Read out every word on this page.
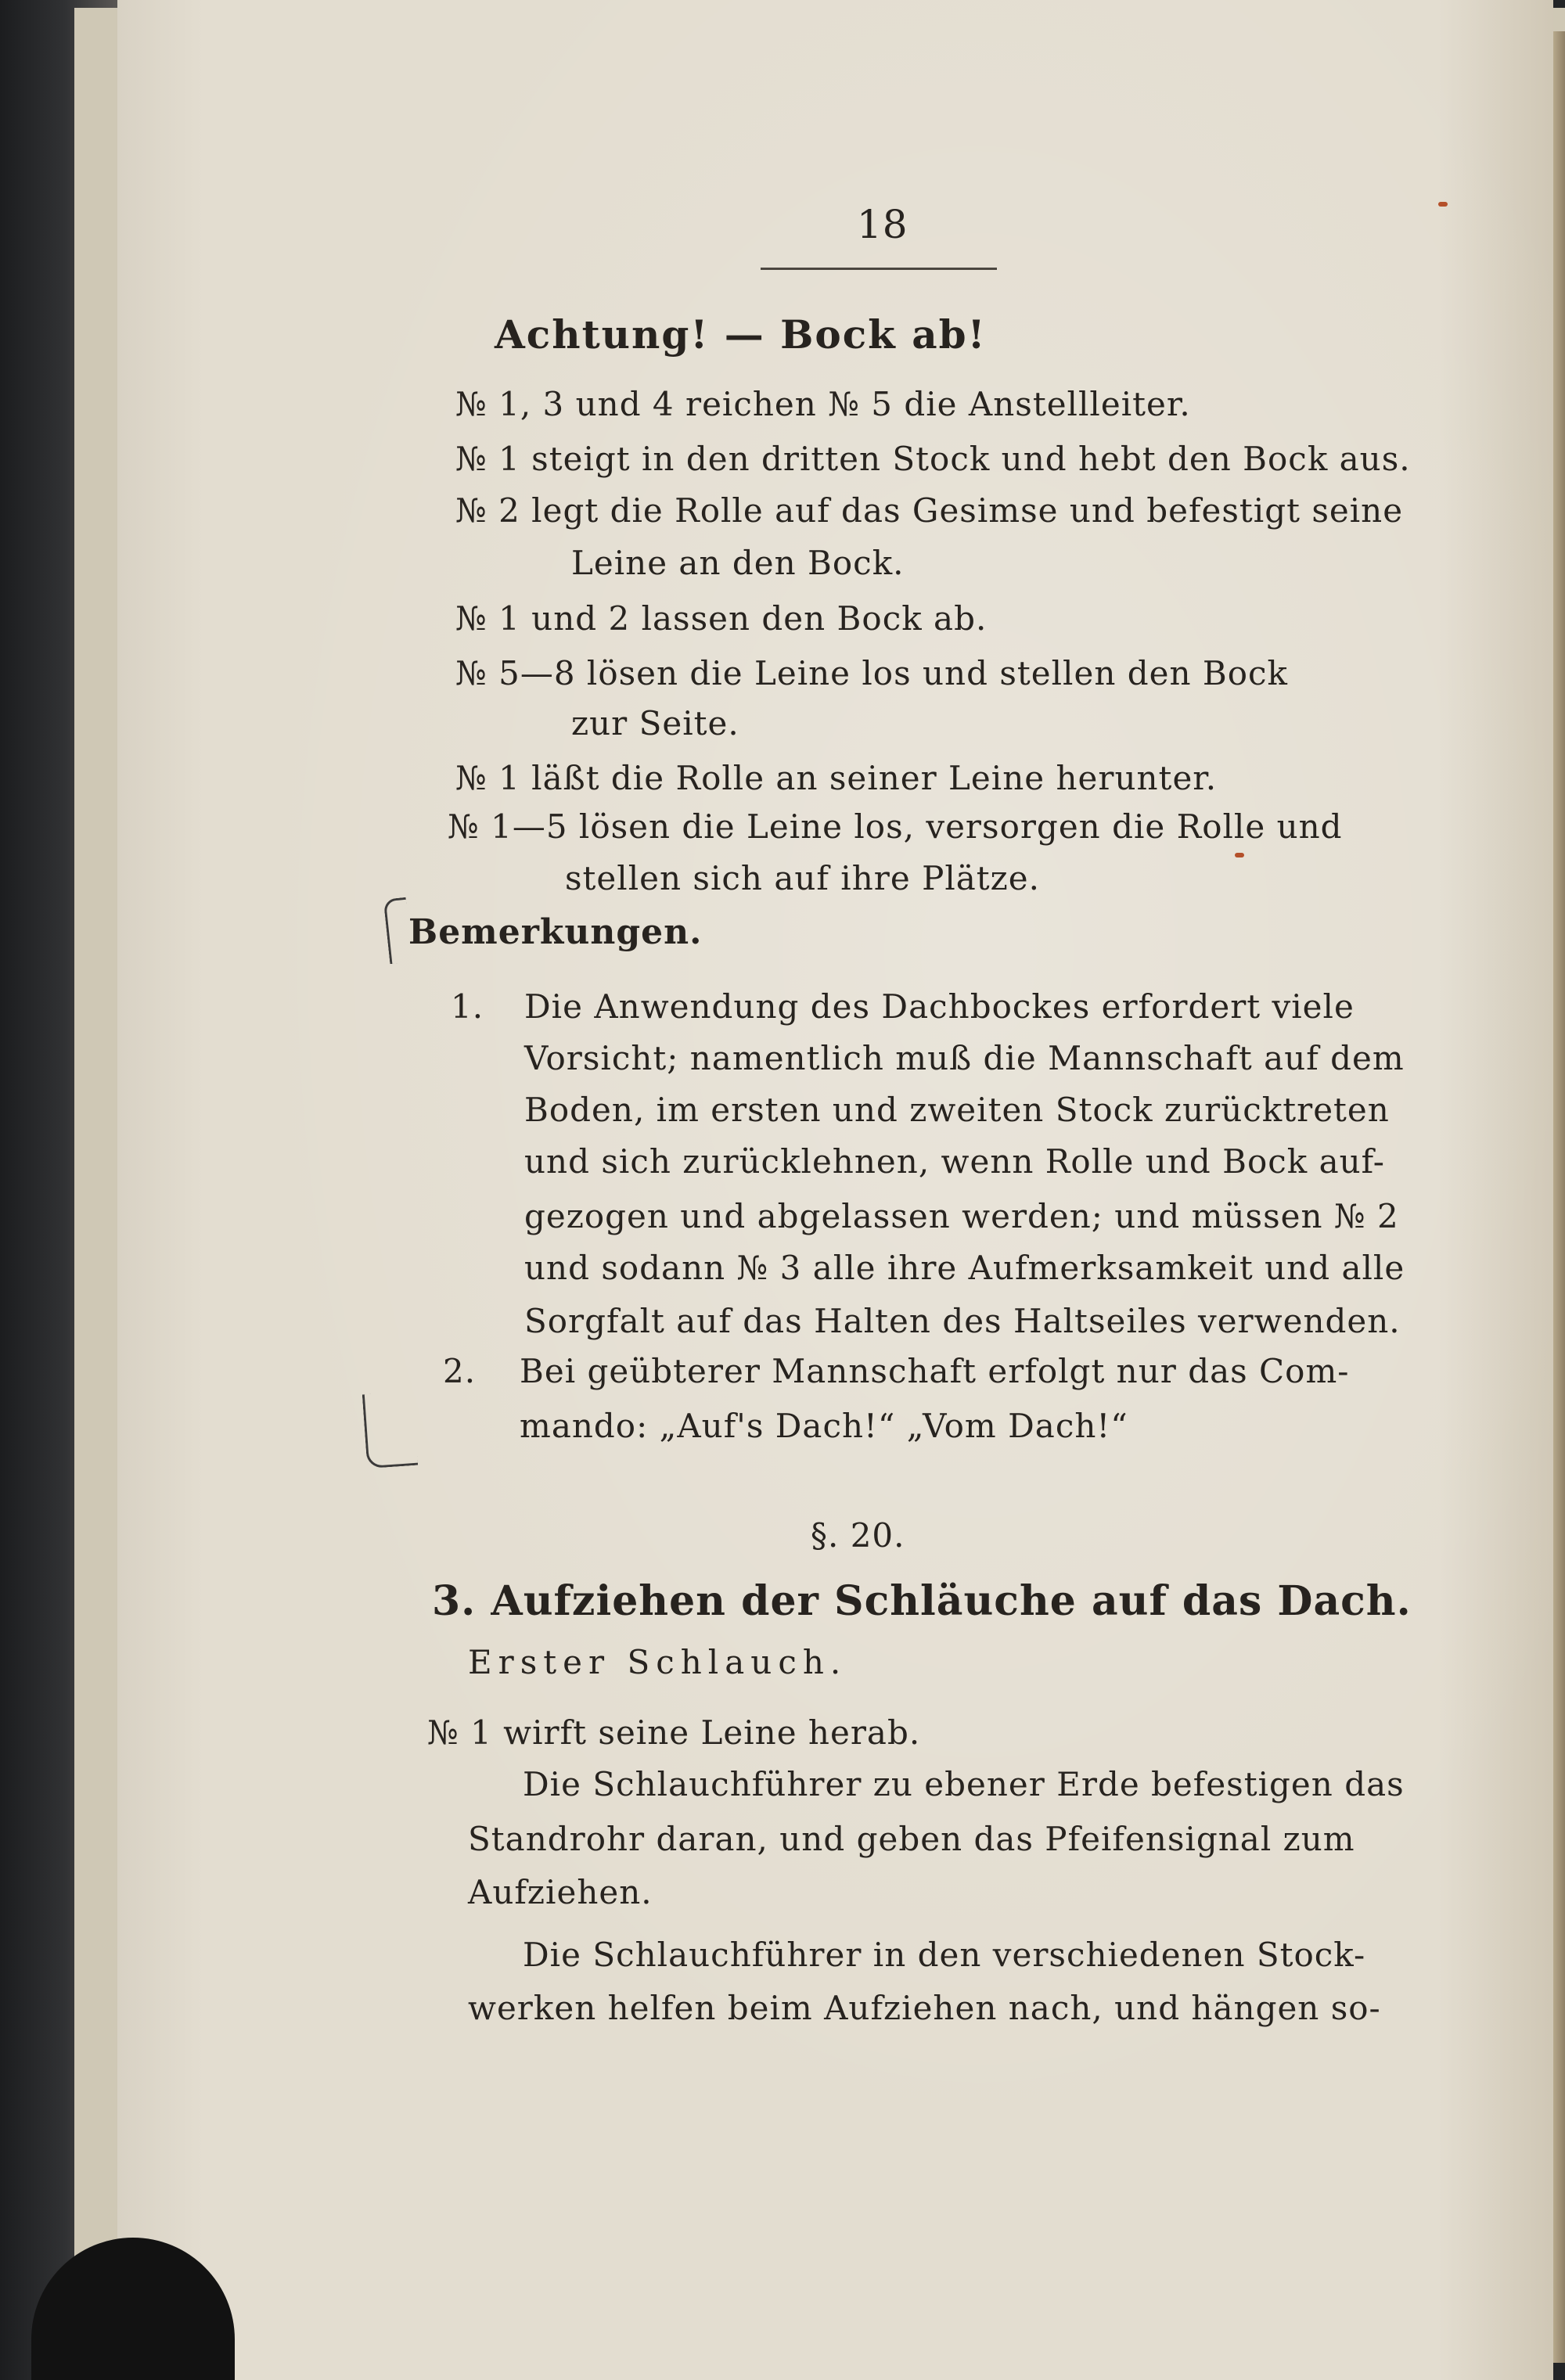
18
Achtung! — Bock ab!
№ 1, 3 und 4 reichen № 5 die Anstellleiter.
№ 1 steigt in den dritten Stock und hebt den Bock aus.
№ 2 legt die Rolle auf das Gesimse und befestigt seine
Leine an den Bock.
№ 1 und 2 lassen den Bock ab.
№ 5—8 lösen die Leine los und stellen den Bock
zur Seite.
№ 1 läßt die Rolle an seiner Leine herunter.
№ 1—5 lösen die Leine los, versorgen die Rolle und
stellen sich auf ihre Plätze.
Bemerkungen.
1. Die Anwendung des Dachbockes erfordert viele
Vorsicht; namentlich muß die Mannschaft auf dem
Boden, im ersten und zweiten Stock zurücktreten
und sich zurücklehnen, wenn Rolle und Bock auf-
gezogen und abgelassen werden; und müssen № 2
und sodann № 3 alle ihre Aufmerksamkeit und alle
Sorgfalt auf das Halten des Haltseiles verwenden.
2. Bei geübterer Mannschaft erfolgt nur das Com-
mando: „Auf's Dach!“ „Vom Dach!“
§. 20.
3. Aufziehen der Schläuche auf das Dach.
Erster Schlauch.
№ 1 wirft seine Leine herab.
Die Schlauchführer zu ebener Erde befestigen das
Standrohr daran, und geben das Pfeifensignal zum
Aufziehen.
Die Schlauchführer in den verschiedenen Stock-
werken helfen beim Aufziehen nach, und hängen so-
